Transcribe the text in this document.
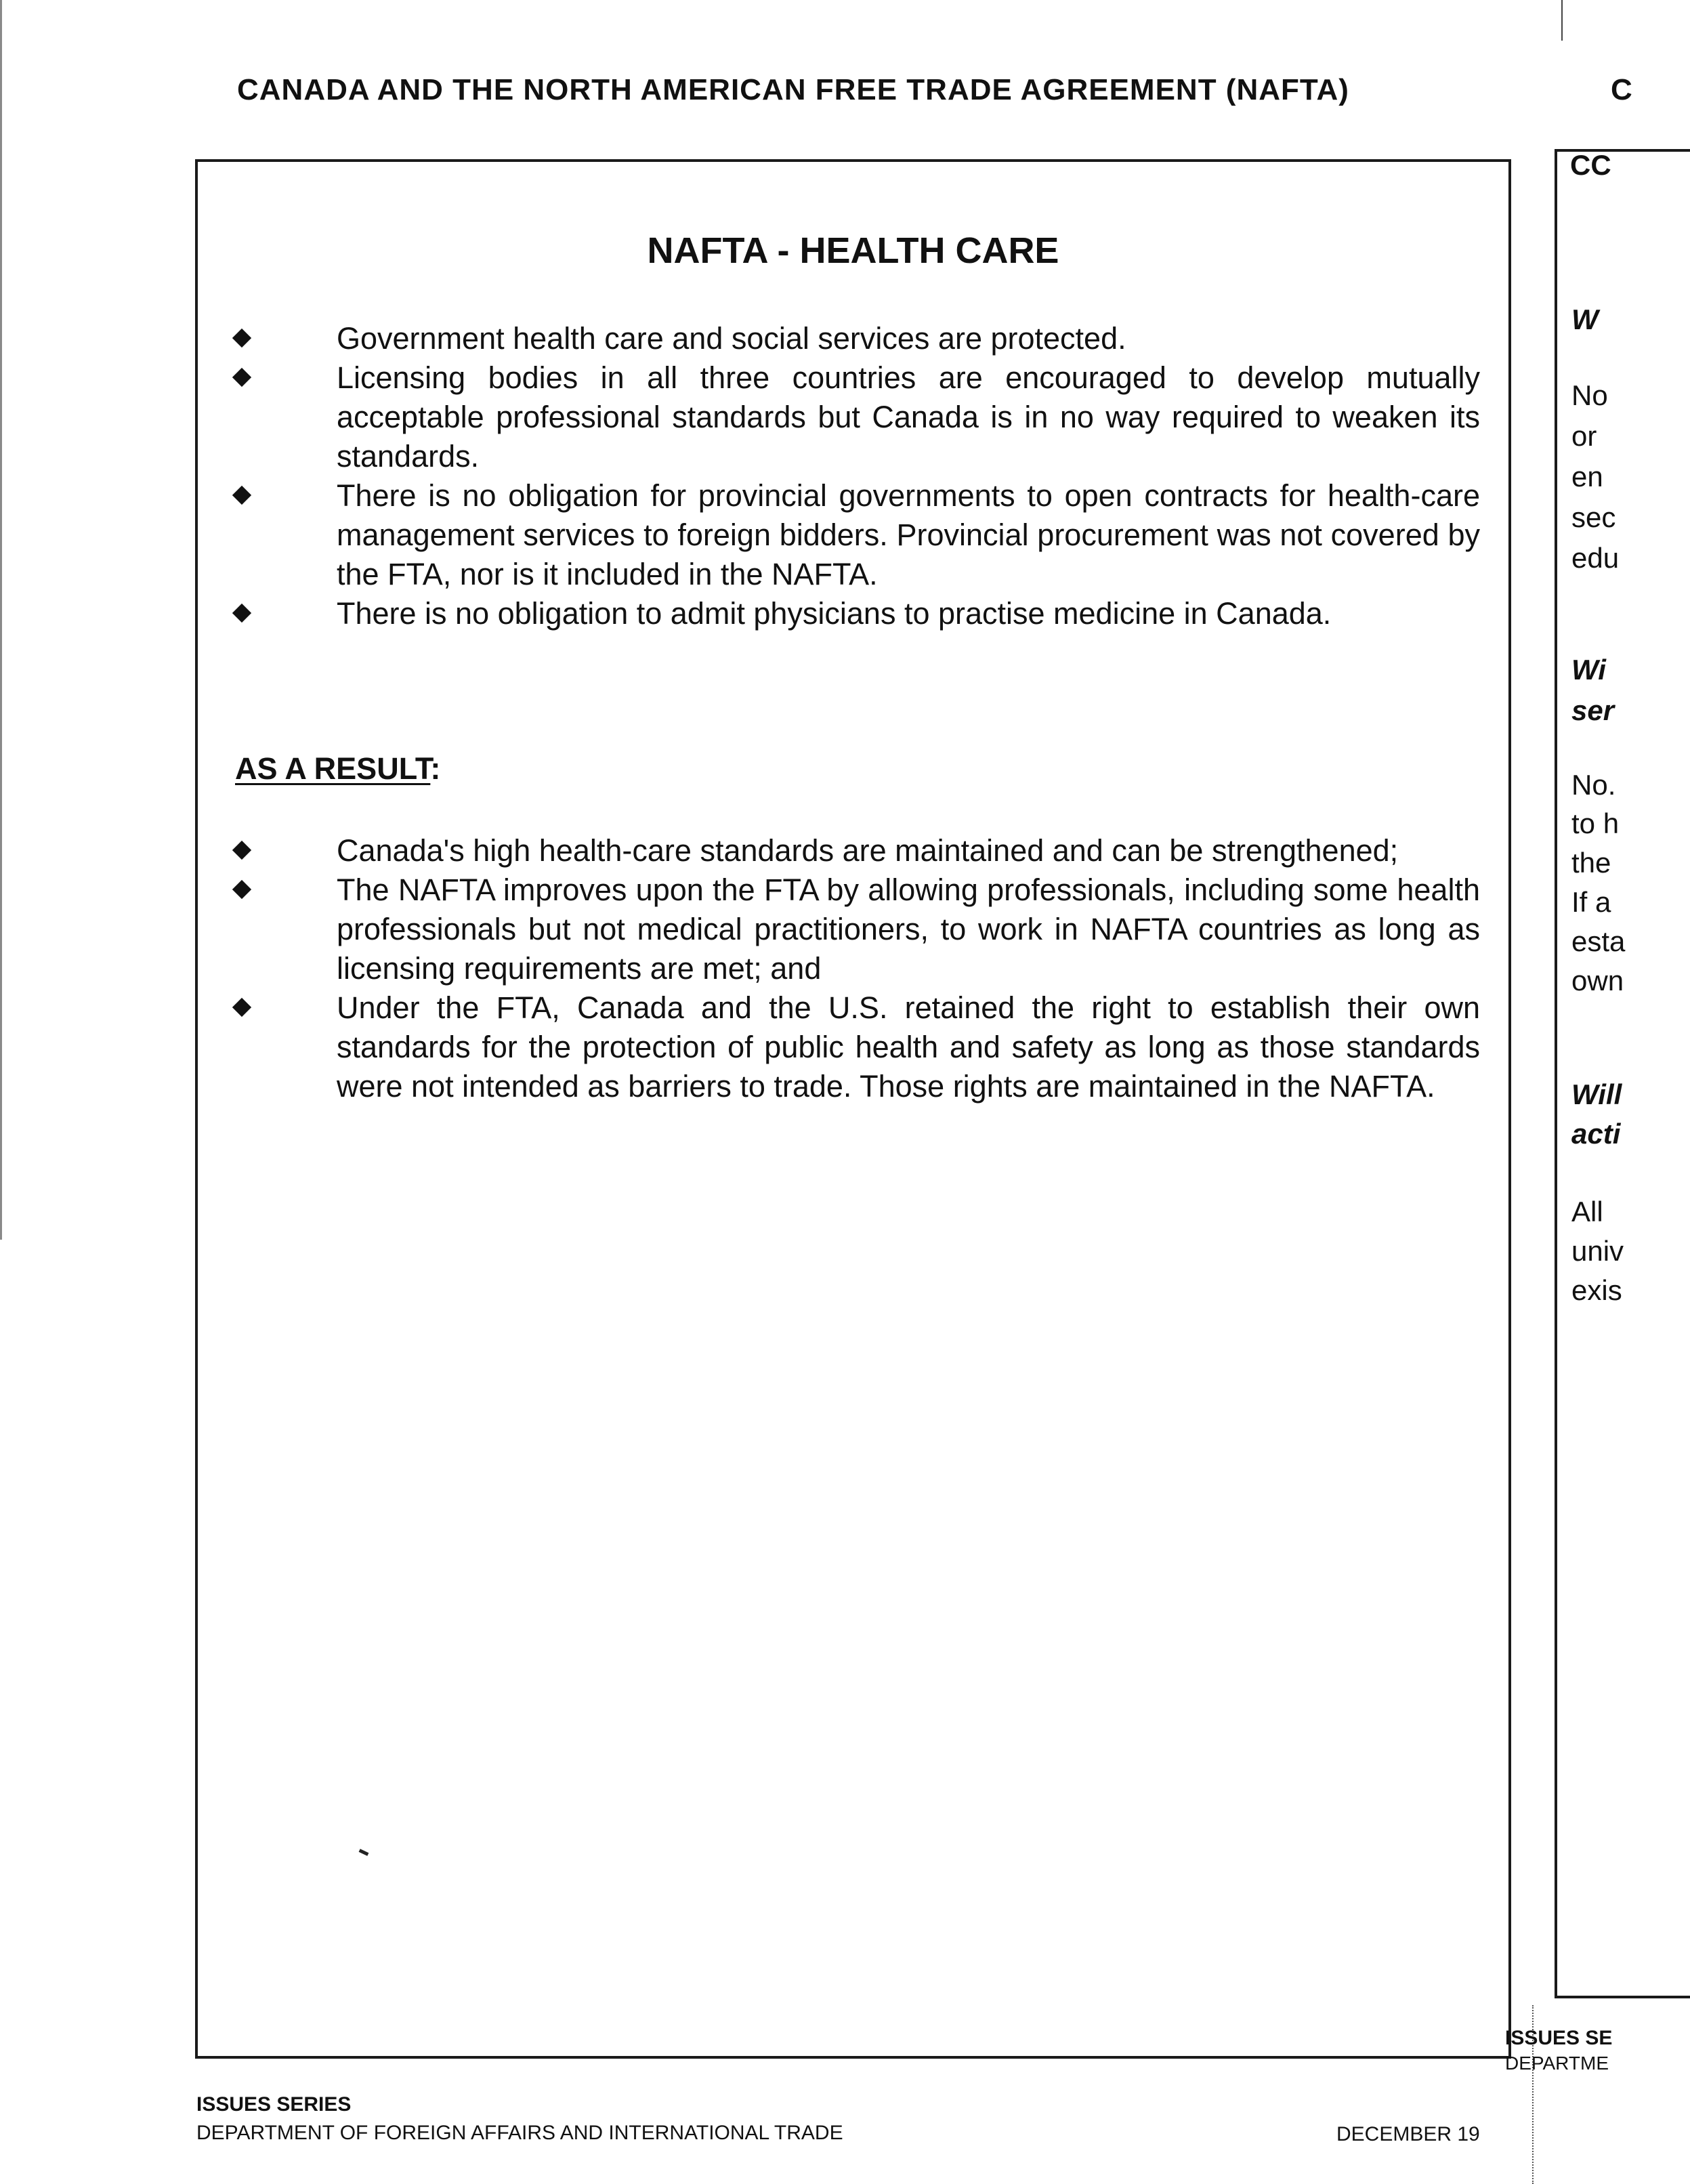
CANADA AND THE NORTH AMERICAN FREE TRADE AGREEMENT (NAFTA)	C
NAFTA - HEALTH CARE
Government health care and social services are protected.
Licensing bodies in all three countries are encouraged to develop mutually acceptable professional standards but Canada is in no way required to weaken its standards.
There is no obligation for provincial governments to open contracts for health-care management services to foreign bidders. Provincial procurement was not covered by the FTA, nor is it included in the NAFTA.
There is no obligation to admit physicians to practise medicine in Canada.
AS A RESULT:
Canada's high health-care standards are maintained and can be strengthened;
The NAFTA improves upon the FTA by allowing professionals, including some health professionals but not medical practitioners, to work in NAFTA countries as long as licensing requirements are met; and
Under the FTA, Canada and the U.S. retained the right to establish their own standards for the protection of public health and safety as long as those standards were not intended as barriers to trade. Those rights are maintained in the NAFTA.
ISSUES SERIES
DEPARTMENT OF FOREIGN AFFAIRS AND INTERNATIONAL TRADE	DECEMBER 19
CC
W
No
or
en
sec
edu
Wi
ser
No.
to h
the
If a
esta
own
Will
acti
All
univ
exis
ISSUES SE
DEPARTME
